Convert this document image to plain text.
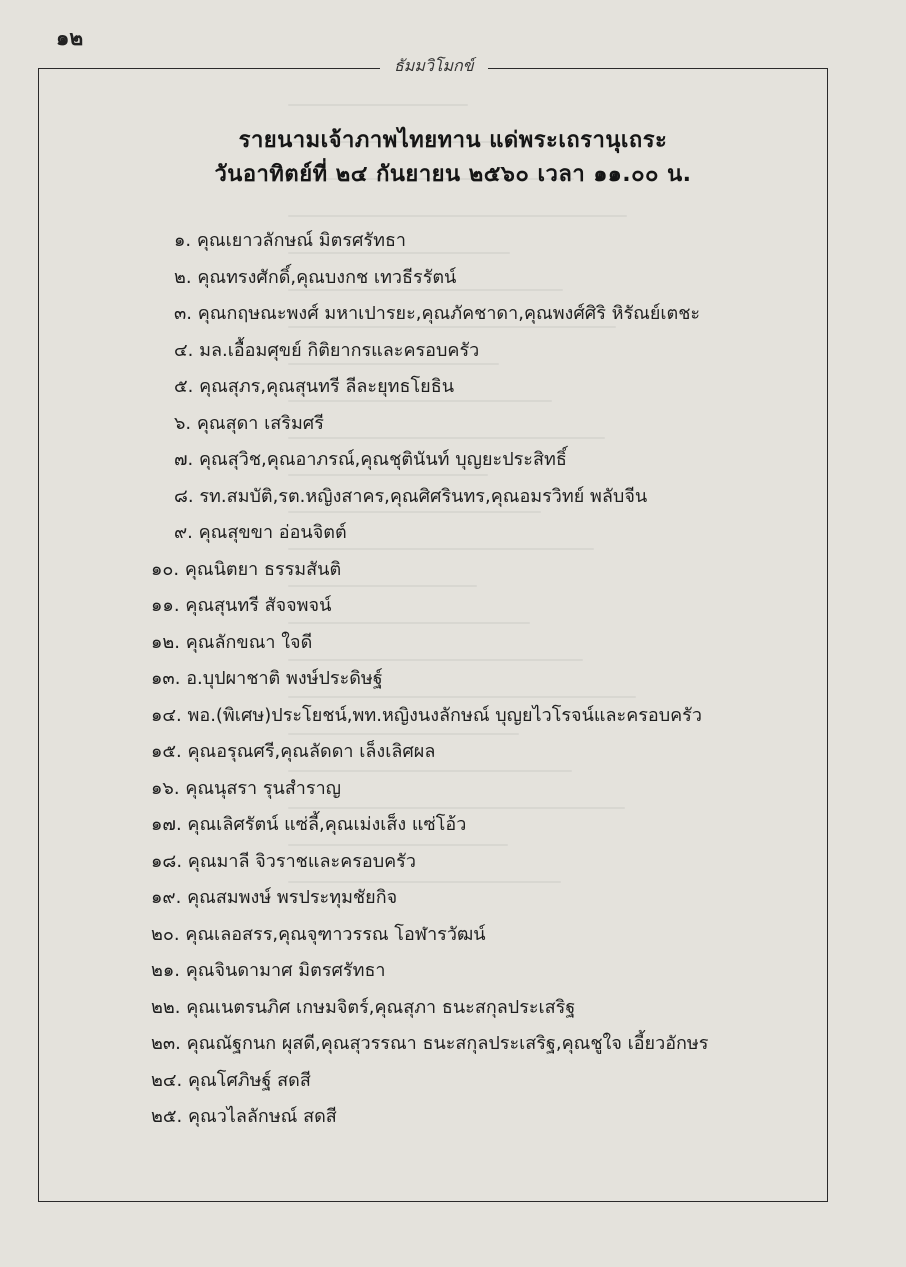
๑๒
ธัมมวิโมกข์
รายนามเจ้าภาพไทยทาน แด่พระเถรานุเถระ
วันอาทิตย์ที่ ๒๔ กันยายน ๒๕๖๐ เวลา ๑๑.๐๐ น.
๑. คุณเยาวลักษณ์ มิตรศรัทธา
๒. คุณทรงศักดิ์,คุณบงกช เทวธีรรัตน์
๓. คุณกฤษณะพงศ์ มหาเปารยะ,คุณภัคชาดา,คุณพงศ์ศิริ หิรัณย์เตชะ
๔. มล.เอื้อมศุขย์ กิติยากรและครอบครัว
๕. คุณสุภร,คุณสุนทรี ลีละยุทธโยธิน
๖. คุณสุดา เสริมศรี
๗. คุณสุวิช,คุณอาภรณ์,คุณชุตินันท์ บุญยะประสิทธิ์
๘. รท.สมบัติ,รต.หญิงสาคร,คุณศิศรินทร,คุณอมรวิทย์ พลับจีน
๙. คุณสุขขา อ่อนจิตต์
๑๐. คุณนิตยา ธรรมสันติ
๑๑. คุณสุนทรี สัจจพจน์
๑๒. คุณลักขณา ใจดี
๑๓. อ.บุปผาชาติ พงษ์ประดิษฐ์
๑๔. พอ.(พิเศษ)ประโยชน์,พท.หญิงนงลักษณ์ บุญยไวโรจน์และครอบครัว
๑๕. คุณอรุณศรี,คุณลัดดา เล็งเลิศผล
๑๖. คุณนุสรา รุนสำราญ
๑๗. คุณเลิศรัตน์ แซ่ลี้,คุณเม่งเส็ง แซ่โอ้ว
๑๘. คุณมาลี จิวราชและครอบครัว
๑๙. คุณสมพงษ์ พรประทุมชัยกิจ
๒๐. คุณเลอสรร,คุณจุฑาวรรณ โอฬารวัฒน์
๒๑. คุณจินดามาศ มิตรศรัทธา
๒๒. คุณเนตรนภิศ เกษมจิตร์,คุณสุภา ธนะสกุลประเสริฐ
๒๓. คุณณัฐกนก ผุสดี,คุณสุวรรณา ธนะสกุลประเสริฐ,คุณชูใจ เอี้ยวอักษร
๒๔. คุณโศภิษฐ์ สดสี
๒๕. คุณวไลลักษณ์ สดสี
